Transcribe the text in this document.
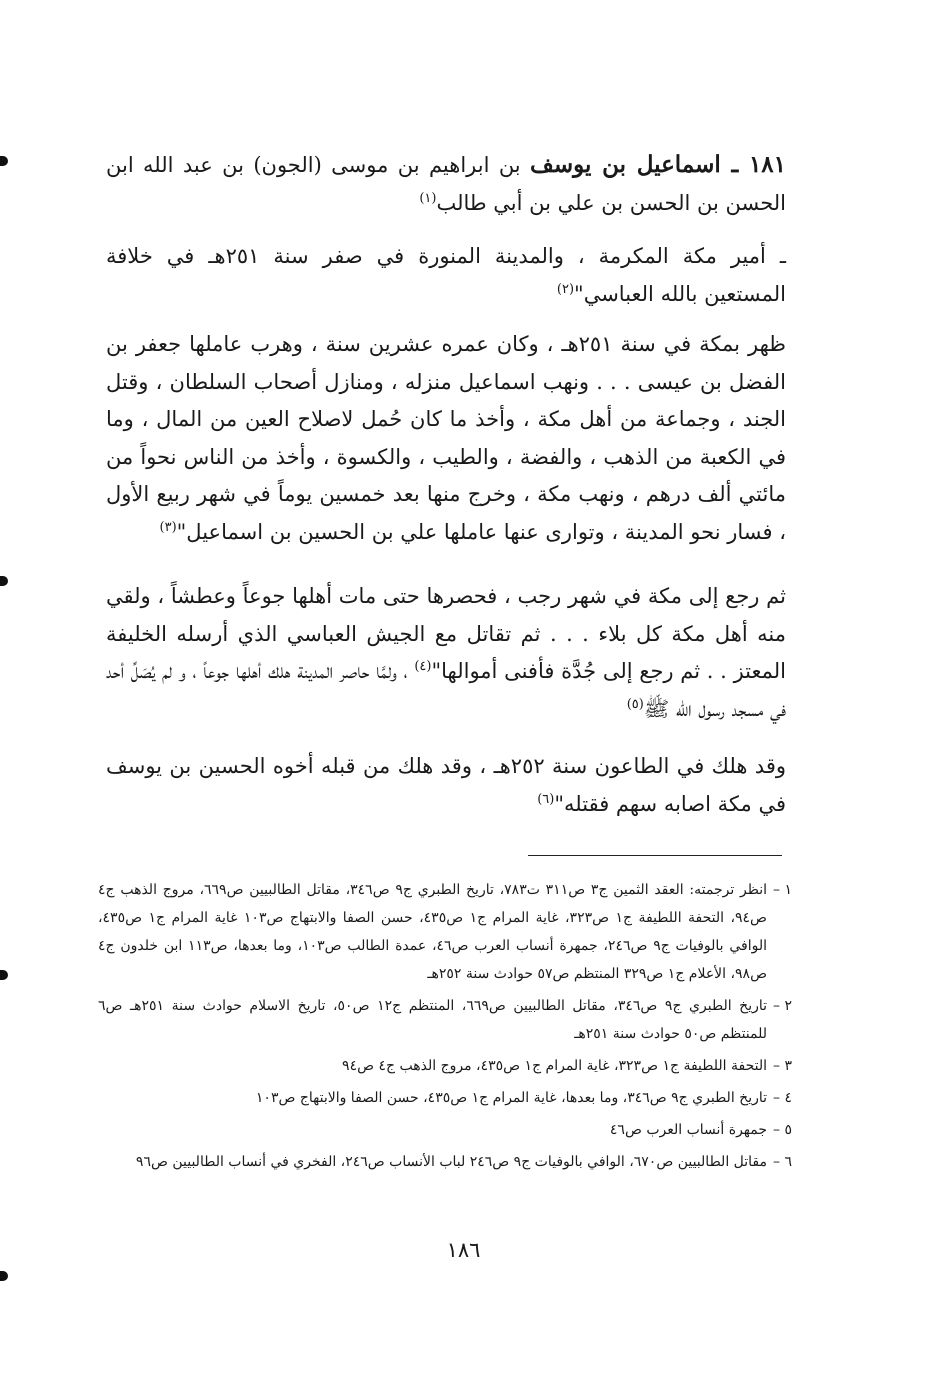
١٨١ ـ اسماعيل بن يوسف بن ابراهيم بن موسى (الجون) بن عبد الله ابن الحسن بن الحسن بن علي بن أبي طالب$^{(١)}$

ـ أمير مكة المكرمة ، والمدينة المنورة في صفر سنة ٢٥١هـ في خلافة المستعين بالله العباسي"$^{(٢)}$

ظهر بمكة في سنة ٢٥١هـ ، وكان عمره عشرين سنة ، وهرب عاملها جعفر بن الفضل بن عيسى . . . ونهب اسماعيل منزله ، ومنازل أصحاب السلطان ، وقتل الجند ، وجماعة من أهل مكة ، وأخذ ما كان حُمل لاصلاح العين من المال ، وما في الكعبة من الذهب ، والفضة ، والطيب ، والكسوة ، وأخذ من الناس نحواً من مائتي ألف درهم ، ونهب مكة ، وخرج منها بعد خمسين يوماً في شهر ربيع الأول ، فسار نحو المدينة ، وتوارى عنها عاملها علي بن الحسين بن اسماعيل"$^{(٣)}$

ثم رجع إلى مكة في شهر رجب ، فحصرها حتى مات أهلها جوعاً وعطشاً ، ولقي منه أهل مكة كل بلاء . . . ثم تقاتل مع الجيش العباسي الذي أرسله الخليفة المعتز . . ثم رجع إلى جُدَّة فأفنى أموالها"$^{(٤)}$ ، ولمَّا حاصر المدينة هلك أهلها جوعاً ، و لم يُصَلِّ أحد في مسجد رسول الله ﷺ$^{(٥)}$

وقد هلك في الطاعون سنة ٢٥٢هـ ، وقد هلك من قبله أخوه الحسين بن يوسف في مكة اصابه سهم فقتله"$^{(٦)}$

١ –
انظر ترجمته: العقد الثمين ج٣ ص٣١١ ت٧٨٣، تاريخ الطبري ج٩ ص٣٤٦، مقاتل الطالبيين ص٦٦٩، مروج الذهب ج٤ ص٩٤، التحفة اللطيفة ج١ ص٣٢٣، غاية المرام ج١ ص٤٣٥، حسن الصفا والابتهاج ص١٠٣ غاية المرام ج١ ص٤٣٥، الوافي بالوفيات ج٩ ص٢٤٦، جمهرة أنساب العرب ص٤٦، عمدة الطالب ص١٠٣، وما بعدها، ص١١٣ ابن خلدون ج٤ ص٩٨، الأعلام ج١ ص٣٢٩ المنتظم ص٥٧ حوادث سنة ٢٥٢هـ
٢ –
تاريخ الطبري ج٩ ص٣٤٦، مقاتل الطالبيين ص٦٦٩، المنتظم ج١٢ ص٥٠، تاريخ الاسلام حوادث سنة ٢٥١هـ ص٦ للمنتظم ص٥٠ حوادث سنة ٢٥١هـ
٣ –
التحفة اللطيفة ج١ ص٣٢٣، غاية المرام ج١ ص٤٣٥، مروج الذهب ج٤ ص٩٤
٤ –
تاريخ الطبري ج٩ ص٣٤٦، وما بعدها، غاية المرام ج١ ص٤٣٥، حسن الصفا والابتهاج ص١٠٣
٥ –
جمهرة أنساب العرب ص٤٦
٦ –
مقاتل الطالبيين ص٦٧٠، الوافي بالوفيات ج٩ ص٢٤٦ لباب الأنساب ص٢٤٦، الفخري في أنساب الطالبيين ص٩٦
١٨٦
